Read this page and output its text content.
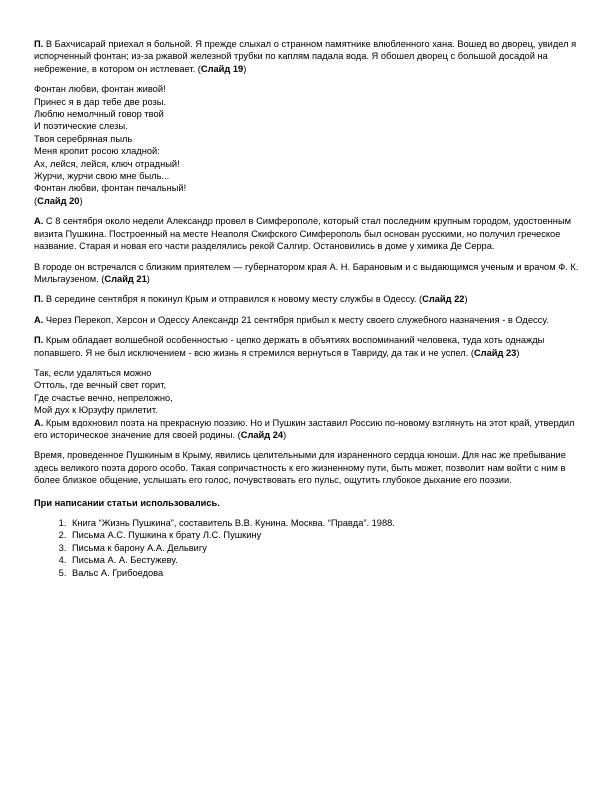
П. В Бахчисарай приехал я больной. Я прежде слыхал о странном памятнике влюбленного хана. Вошед во дворец, увидел я испорченный фонтан; из-за ржавой железной трубки по каплям падала вода. Я обошел дворец с большой досадой на небрежение, в котором он истлевает. (Слайд 19)

Фонтан любви, фонтан живой!
Принес я в дар тебе две розы.
Люблю немолчный говор твой
И поэтические слезы.
Твоя серебряная пыль
Меня кропит росою хладной:
Ах, лейся, лейся, ключ отрадный!
Журчи, журчи свою мне быль...
Фонтан любви, фонтан печальный!
(Слайд 20)

А. С 8 сентября около недели Александр провел в Симферополе, который стал последним крупным городом, удостоенным визита Пушкина. Построенный на месте Неаполя Скифского Симферополь был основан русскими, но получил греческое название. Старая и новая его части разделялись рекой Салгир. Остановились в доме у химика Де Серра.

В городе он встречался с близким приятелем — губернатором края А. Н. Барановым и с выдающимся ученым и врачом Ф. К. Мильгаузеном. (Слайд 21)

П. В середине сентября я покинул Крым и отправился к новому месту службы в Одессу. (Слайд 22)

А. Через Перекоп, Херсон и Одессу Александр 21 сентября прибыл к месту своего служебного назначения - в Одессу.

П. Крым обладает волшебной особенностью - цепко держать в объятиях воспоминаний человека, туда хоть однажды попавшего. Я не был исключением - всю жизнь я стремился вернуться в Тавриду, да так и не успел. (Слайд 23)

Так, если удаляться можно
Оттоль, где вечный свет горит,
Где счастье вечно, непреложно,
Мой дух к Юрзуфу прилетит.

А. Крым вдохновил поэта на прекрасную поэзию. Но и Пушкин заставил Россию по-новому взглянуть на этот край, утвердил его историческое значение для своей родины. (Слайд 24)

Время, проведенное Пушкиным в Крыму, явились целительными для израненного сердца юноши. Для нас же пребывание здесь великого поэта дорого особо. Такая сопричастность к его жизненному пути, быть может, позволит нам войти с ним в более близкое общение, услышать его голос, почувствовать его пульс, ощутить глубокое дыхание его поэзии.

При написании статьи использовались.
1. Книга “Жизнь Пушкина”, составитель В.В. Кунина. Москва. “Правда”. 1988.
2. Письма А.С. Пушкина к брату Л.С. Пушкину
3. Письма к барону А.А. Дельвигу
4. Письма А. А. Бестужеву.
5. Вальс А. Грибоедова
